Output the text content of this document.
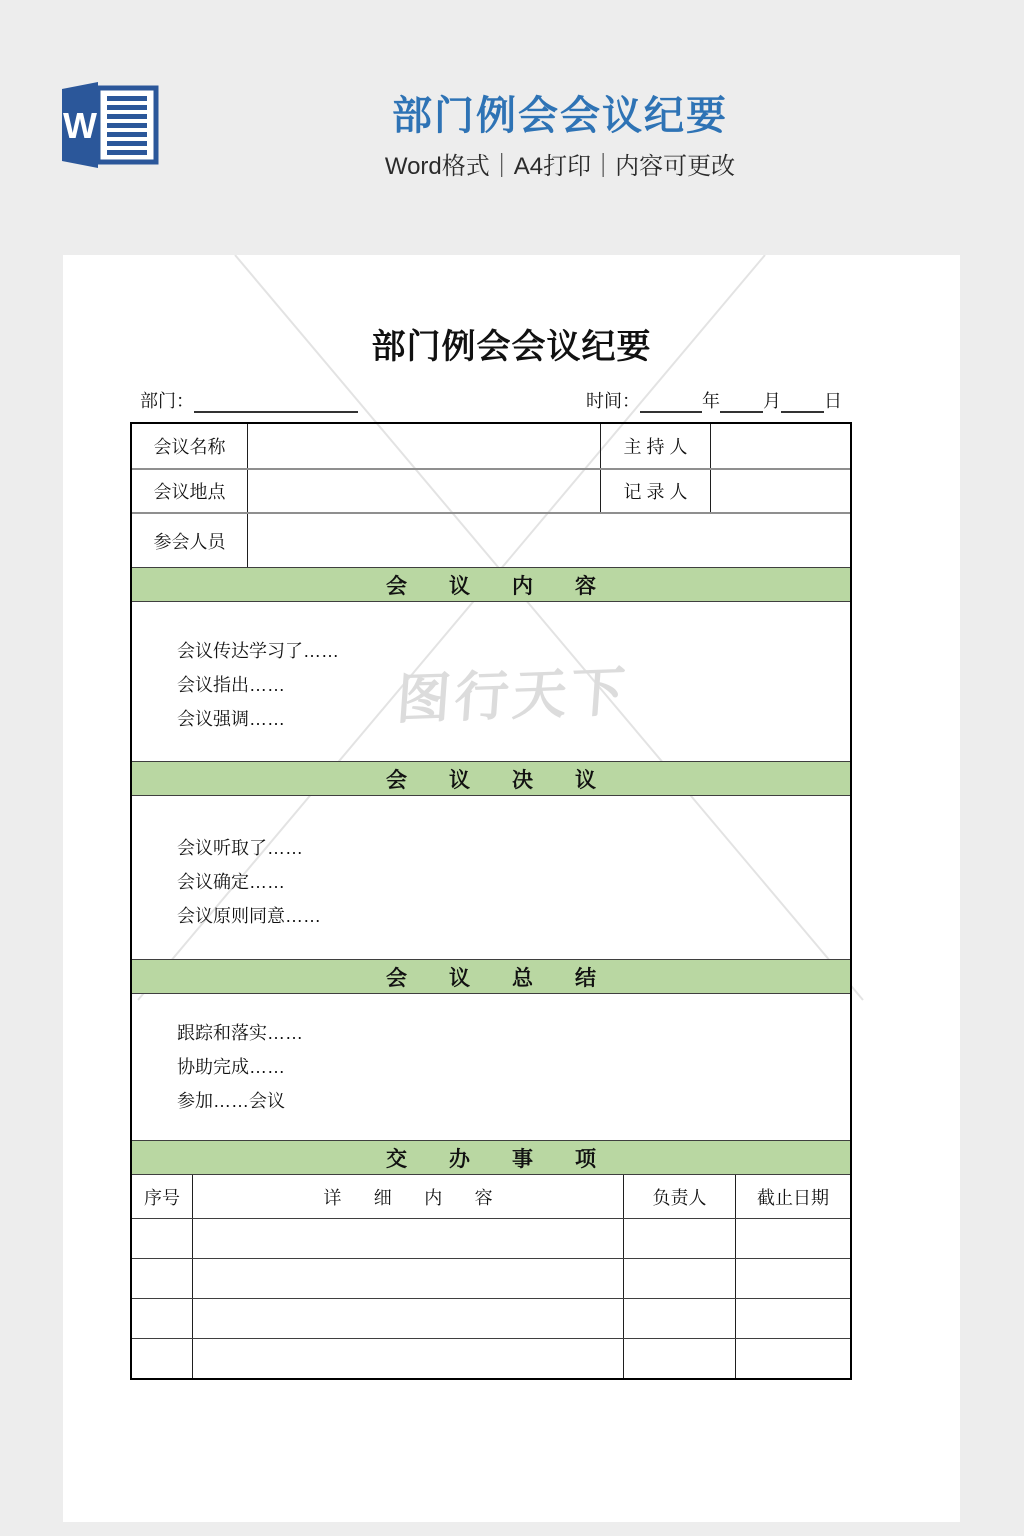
W	部门例会会议纪要
Word格式｜A4打印｜内容可更改
图行天下
部门例会会议纪要
部门：	时间：	年 月 日
会议名称	主 持 人
会议地点	记 录 人
参会人员
会　议　内　容

会议传达学习了……

会议指出……

会议强调……

会　议　决　议

会议听取了……

会议确定……

会议原则同意……

会　议　总　结

跟踪和落实……

协助完成……

参加……会议

交　办　事　项
序号	详　细　内　容	负责人	截止日期
